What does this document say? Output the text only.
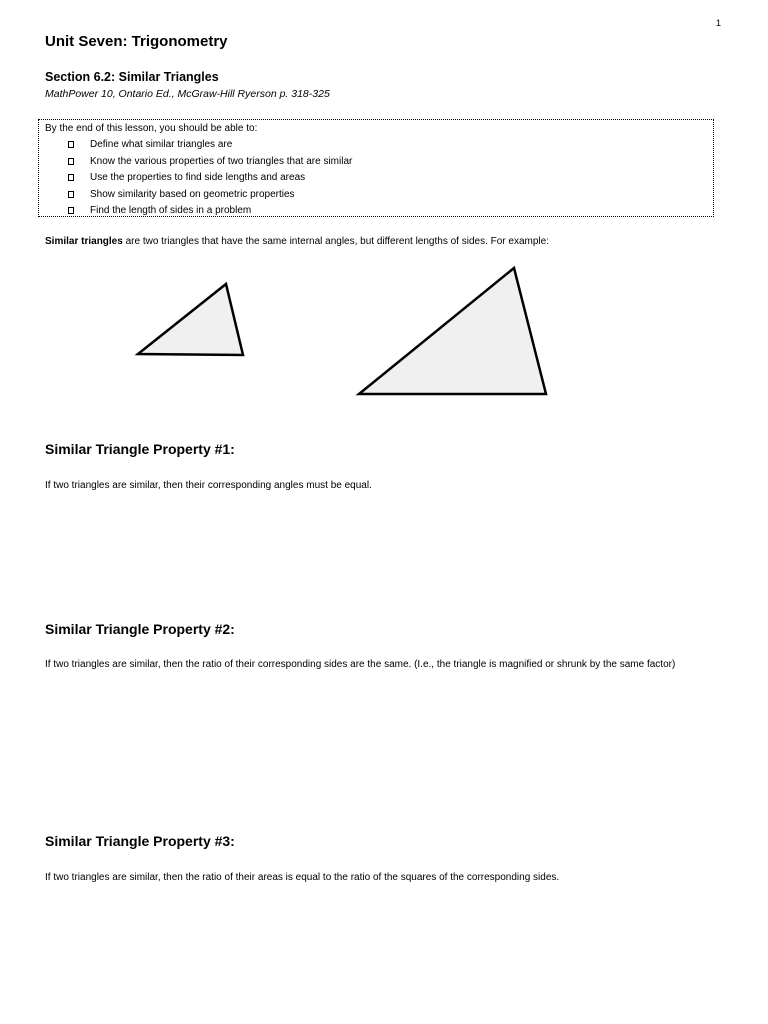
1
Unit Seven: Trigonometry
Section 6.2: Similar Triangles

MathPower 10, Ontario Ed., McGraw-Hill Ryerson p. 318-325

By the end of this lesson, you should be able to:

Define what similar triangles are
Know the various properties of two triangles that are similar
Use the properties to find side lengths and areas
Show similarity based on geometric properties
Find the length of sides in a problem

Similar triangles are two triangles that have the same internal angles, but different lengths of sides. For example:

Similar Triangle Property #1:

If two triangles are similar, then their corresponding angles must be equal.

Similar Triangle Property #2:

If two triangles are similar, then the ratio of their corresponding sides are the same. (I.e., the triangle is magnified or shrunk by the same factor)

Similar Triangle Property #3:

If two triangles are similar, then the ratio of their areas is equal to the ratio of the squares of the corresponding sides.
